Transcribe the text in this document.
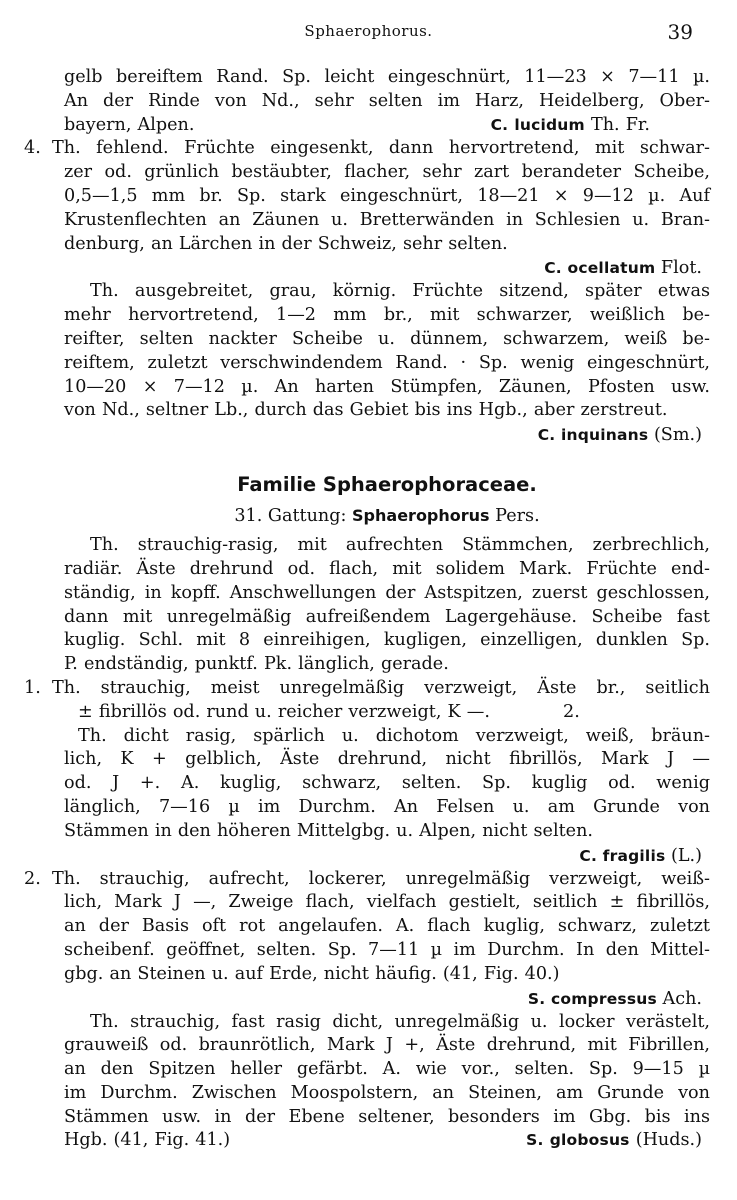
Sphaerophorus.	39
gelb bereiftem Rand. Sp. leicht eingeschnürt, 11—23 × 7—11 µ.
An der Rinde von Nd., sehr selten im Harz, Heidelberg, Ober-
bayern, Alpen.	C. lucidum Th. Fr.
4. Th. fehlend. Früchte eingesenkt, dann hervortretend, mit schwar-
zer od. grünlich bestäubter, flacher, sehr zart berandeter Scheibe,
0,5—1,5 mm br. Sp. stark eingeschnürt, 18—21 × 9—12 µ. Auf
Krustenflechten an Zäunen u. Bretterwänden in Schlesien u. Bran-
denburg, an Lärchen in der Schweiz, sehr selten.
C. ocellatum Flot.
Th. ausgebreitet, grau, körnig. Früchte sitzend, später etwas
mehr hervortretend, 1—2 mm br., mit schwarzer, weißlich be-
reifter, selten nackter Scheibe u. dünnem, schwarzem, weiß be-
reiftem, zuletzt verschwindendem Rand. · Sp. wenig eingeschnürt,
10—20 × 7—12 µ. An harten Stümpfen, Zäunen, Pfosten usw.
von Nd., seltner Lb., durch das Gebiet bis ins Hgb., aber zerstreut.
C. inquinans (Sm.)
Familie Sphaerophoraceae.
31. Gattung: Sphaerophorus Pers.
Th. strauchig-rasig, mit aufrechten Stämmchen, zerbrechlich,
radiär. Äste drehrund od. flach, mit solidem Mark. Früchte end-
ständig, in kopff. Anschwellungen der Astspitzen, zuerst geschlossen,
dann mit unregelmäßig aufreißendem Lagergehäuse. Scheibe fast
kuglig. Schl. mit 8 einreihigen, kugligen, einzelligen, dunklen Sp.
P. endständig, punktf. Pk. länglich, gerade.
1. Th. strauchig, meist unregelmäßig verzweigt, Äste br., seitlich
± fibrillös od. rund u. reicher verzweigt, K —.            2.
Th. dicht rasig, spärlich u. dichotom verzweigt, weiß, bräun-
lich, K + gelblich, Äste drehrund, nicht fibrillös, Mark J —
od. J +. A. kuglig, schwarz, selten. Sp. kuglig od. wenig
länglich, 7—16 µ im Durchm. An Felsen u. am Grunde von
Stämmen in den höheren Mittelgbg. u. Alpen, nicht selten.
C. fragilis (L.)
2. Th. strauchig, aufrecht, lockerer, unregelmäßig verzweigt, weiß-
lich, Mark J —, Zweige flach, vielfach gestielt, seitlich ± fibrillös,
an der Basis oft rot angelaufen. A. flach kuglig, schwarz, zuletzt
scheibenf. geöffnet, selten. Sp. 7—11 µ im Durchm. In den Mittel-
gbg. an Steinen u. auf Erde, nicht häufig. (41, Fig. 40.)
S. compressus Ach.
Th. strauchig, fast rasig dicht, unregelmäßig u. locker verästelt,
grauweiß od. braunrötlich, Mark J +, Äste drehrund, mit Fibrillen,
an den Spitzen heller gefärbt. A. wie vor., selten. Sp. 9—15 µ
im Durchm. Zwischen Moospolstern, an Steinen, am Grunde von
Stämmen usw. in der Ebene seltener, besonders im Gbg. bis ins
Hgb. (41, Fig. 41.)	S. globosus (Huds.)
